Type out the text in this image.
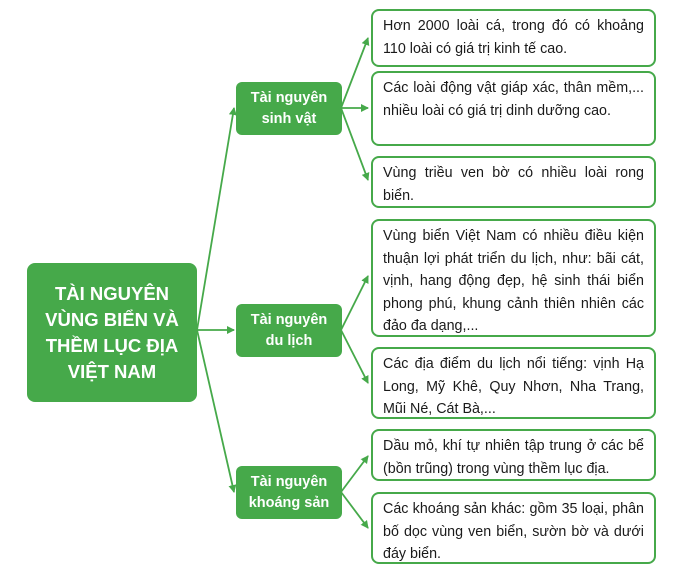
TÀI NGUYÊN
VÙNG BIỂN VÀ
THỀM LỤC ĐỊA
VIỆT NAM
Tài nguyên
sinh vật
Tài nguyên
du lịch
Tài nguyên
khoáng sản
Hơn 2000 loài cá, trong đó có khoảng 110 loài có giá trị kinh tế cao.
Các loài động vật giáp xác, thân mềm,... nhiều loài có giá trị dinh dưỡng cao.
Vùng triều ven bờ có nhiều loài rong biển.
Vùng biển Việt Nam có nhiều điều kiện thuận lợi phát triển du lịch, như: bãi cát, vịnh, hang động đẹp, hệ sinh thái biển phong phú, khung cảnh thiên nhiên các đảo đa dạng,...
Các địa điểm du lịch nổi tiếng: vịnh Hạ Long, Mỹ Khê, Quy Nhơn, Nha Trang, Mũi Né, Cát Bà,...
Dầu mỏ, khí tự nhiên tập trung ở các bể (bồn trũng) trong vùng thềm lục địa.
Các khoáng sản khác: gồm 35 loại, phân bố dọc vùng ven biển, sườn bờ và dưới đáy biển.
